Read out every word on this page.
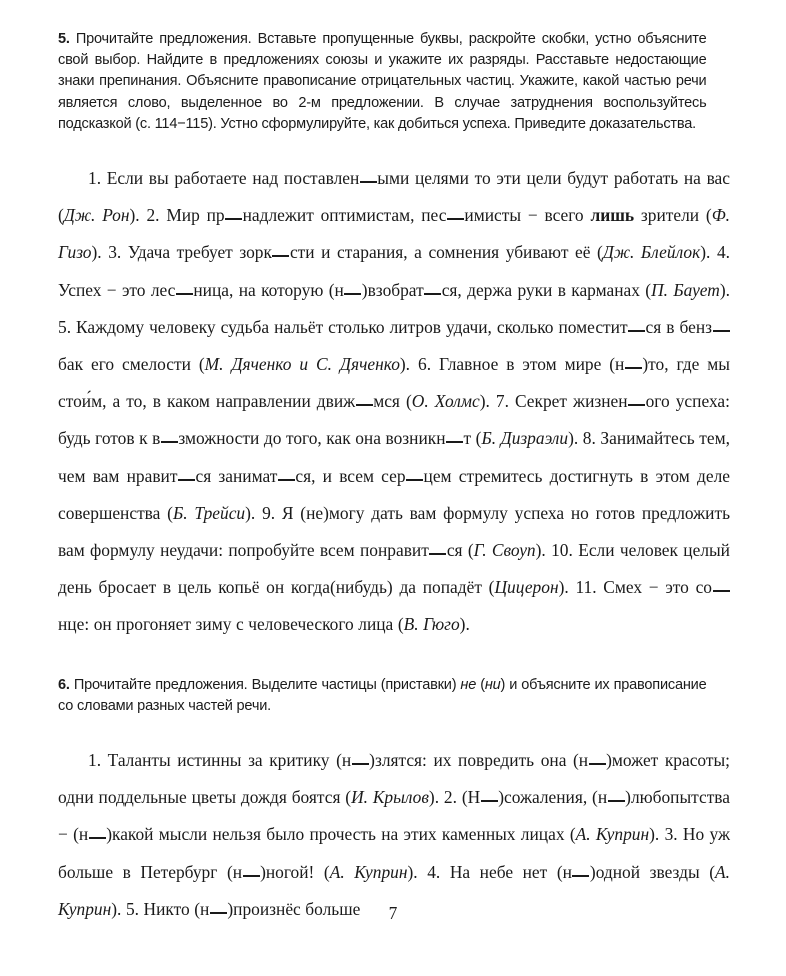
5. Прочитайте предложения. Вставьте пропущенные буквы, раскройте скобки, устно объясните свой выбор. Найдите в предложениях союзы и укажите их разряды. Расставьте недостающие знаки препинания. Объясните правописание отрицательных частиц. Укажите, какой частью речи является слово, выделенное во 2-м предложении. В случае затруднения воспользуйтесь подсказкой (с. 114−115). Устно сформулируйте, как добиться успеха. Приведите доказательства.

1. Если вы работаете над поставлен ыми целями то эти цели будут работать на вас (Дж. Рон). 2. Мир пр надлежит оптимистам, пес имисты − всего лишь зрители (Ф. Гизо). 3. Удача требует зорк сти и старания, а сомнения убивают её (Дж. Блейлок). 4. Успех − это лес ница, на которую (н )взобрат ся, держа руки в карманах (П. Баует). 5. Каждому человеку судьба нальёт столько литров удачи, сколько поместит ся в бензбак его смелости (М. Дяченко и С. Дяченко). 6. Главное в этом мире (н )то, где мы стои́м, а то, в каком направлении движ мся (О. Холмс). 7. Секрет жизнен ого успеха: будь готов к в зможности до того, как она возникн т (Б. Дизраэли). 8. Занимайтесь тем, чем вам нравит ся занимат ся, и всем сер цем стремитесь достигнуть в этом деле совершенства (Б. Трейси). 9. Я (не)могу дать вам формулу успеха но готов предложить вам формулу неудачи: попробуйте всем понравит ся (Г. Своуп). 10. Если человек целый день бросает в цель копьё он когда(нибудь) да попадёт (Цицерон). 11. Смех − это сонце: он прогоняет зиму с человеческого лица (В. Гюго).

6. Прочитайте предложения. Выделите частицы (приставки) не (ни) и объясните их правописание со словами разных частей речи.

1. Таланты истинны за критику (н )злятся: их повредить она (н )может красоты; одни поддельные цветы дождя боятся (И. Крылов). 2. (Н )сожаления, (н )любопытства − (н )какой мысли нельзя было прочесть на этих каменных лицах (А. Куприн). 3. Но уж больше в Петербург (н )ногой! (А. Куприн). 4. На небе нет (н )одной звезды (А. Куприн). 5. Никто (н )произнёс больше	7
